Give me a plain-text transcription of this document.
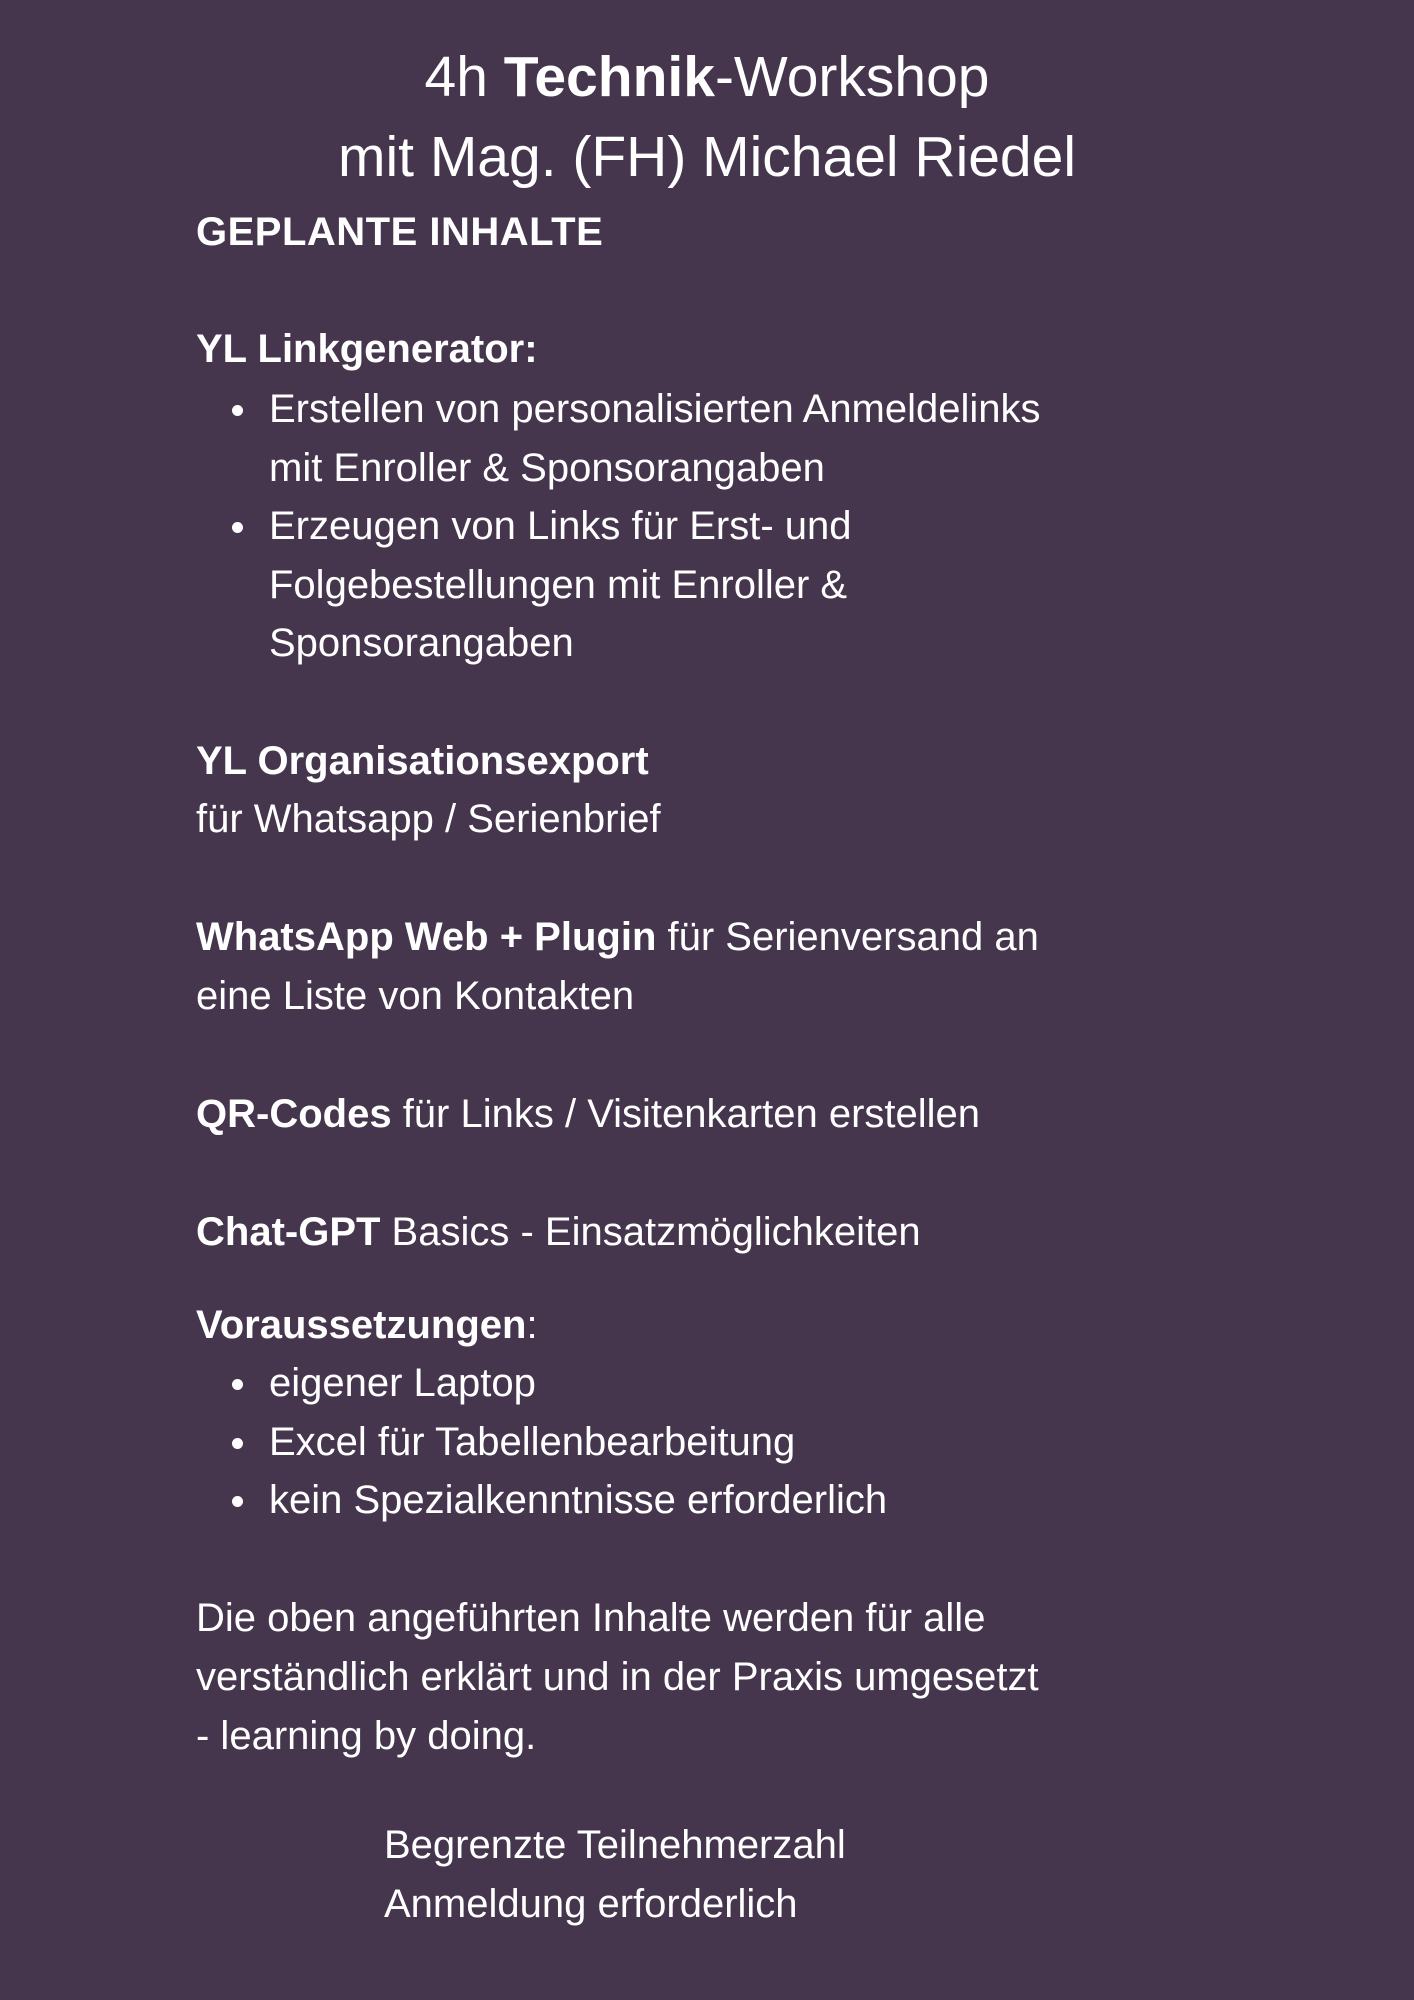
4h Technik-Workshop
mit Mag. (FH) Michael Riedel
GEPLANTE INHALTE
YL Linkgenerator:
Erstellen von personalisierten Anmeldelinks
mit Enroller & Sponsorangaben
Erzeugen von Links für Erst- und
Folgebestellungen mit Enroller &
Sponsorangaben
YL Organisationsexport
für Whatsapp / Serienbrief
WhatsApp Web + Plugin für Serienversand an
eine Liste von Kontakten
QR-Codes für Links / Visitenkarten erstellen
Chat-GPT Basics - Einsatzmöglichkeiten
Voraussetzungen:
eigener Laptop
Excel für Tabellenbearbeitung
kein Spezialkenntnisse erforderlich
Die oben angeführten Inhalte werden für alle
verständlich erklärt und in der Praxis umgesetzt
- learning by doing.
Begrenzte Teilnehmerzahl
Anmeldung erforderlich
